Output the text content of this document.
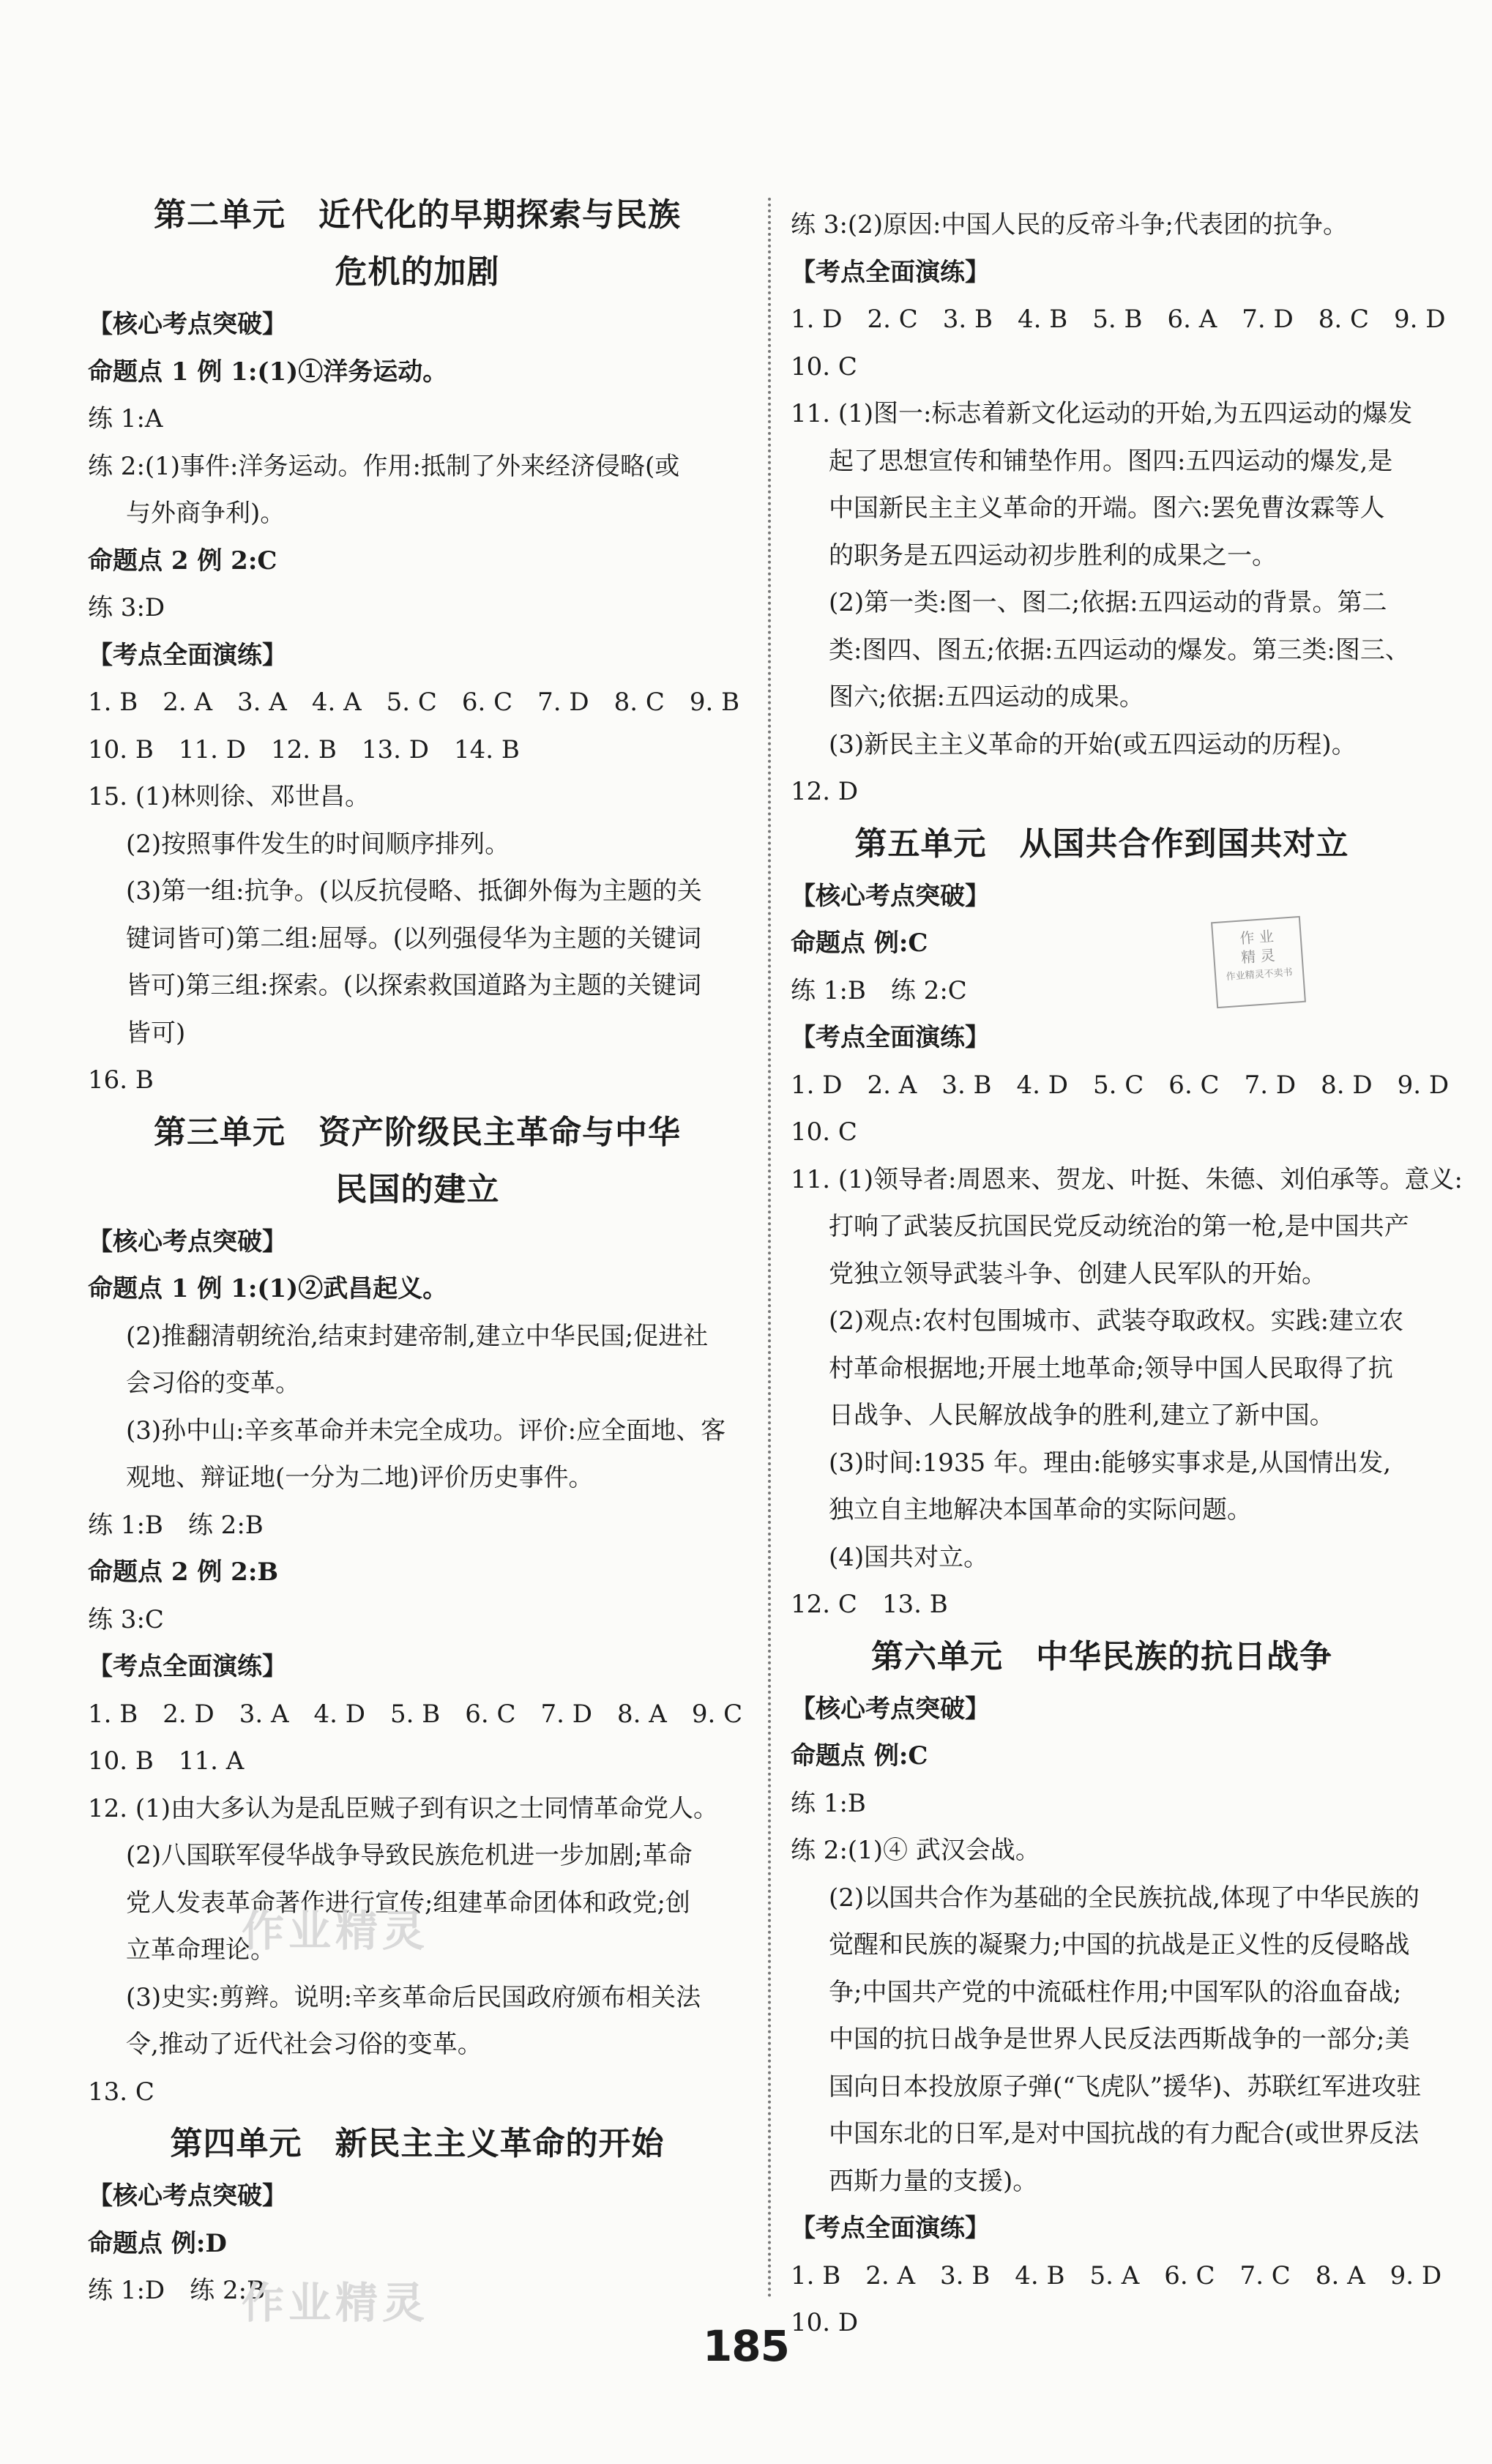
第二单元　近代化的早期探索与民族
危机的加剧
【核心考点突破】
命题点 1 例 1:(1)①洋务运动。
练 1:A
练 2:(1)事件:洋务运动。作用:抵制了外来经济侵略(或
与外商争利)。
命题点 2 例 2:C
练 3:D
【考点全面演练】
1. B　2. A　3. A　4. A　5. C　6. C　7. D　8. C　9. B
10. B　11. D　12. B　13. D　14. B
15. (1)林则徐、邓世昌。
(2)按照事件发生的时间顺序排列。
(3)第一组:抗争。(以反抗侵略、抵御外侮为主题的关
键词皆可)第二组:屈辱。(以列强侵华为主题的关键词
皆可)第三组:探索。(以探索救国道路为主题的关键词
皆可)
16. B
第三单元　资产阶级民主革命与中华
民国的建立
【核心考点突破】
命题点 1 例 1:(1)②武昌起义。
(2)推翻清朝统治,结束封建帝制,建立中华民国;促进社
会习俗的变革。
(3)孙中山:辛亥革命并未完全成功。评价:应全面地、客
观地、辩证地(一分为二地)评价历史事件。
练 1:B　练 2:B
命题点 2 例 2:B
练 3:C
【考点全面演练】
1. B　2. D　3. A　4. D　5. B　6. C　7. D　8. A　9. C
10. B　11. A
12. (1)由大多认为是乱臣贼子到有识之士同情革命党人。
(2)八国联军侵华战争导致民族危机进一步加剧;革命
党人发表革命著作进行宣传;组建革命团体和政党;创
立革命理论。
(3)史实:剪辫。说明:辛亥革命后民国政府颁布相关法
令,推动了近代社会习俗的变革。
13. C
第四单元　新民主主义革命的开始
【核心考点突破】
命题点 例:D
练 1:D　练 2:B
练 3:(2)原因:中国人民的反帝斗争;代表团的抗争。
【考点全面演练】
1. D　2. C　3. B　4. B　5. B　6. A　7. D　8. C　9. D
10. C
11. (1)图一:标志着新文化运动的开始,为五四运动的爆发
起了思想宣传和铺垫作用。图四:五四运动的爆发,是
中国新民主主义革命的开端。图六:罢免曹汝霖等人
的职务是五四运动初步胜利的成果之一。
(2)第一类:图一、图二;依据:五四运动的背景。第二
类:图四、图五;依据:五四运动的爆发。第三类:图三、
图六;依据:五四运动的成果。
(3)新民主主义革命的开始(或五四运动的历程)。
12. D
第五单元　从国共合作到国共对立
【核心考点突破】
命题点 例:C
练 1:B　练 2:C
【考点全面演练】
1. D　2. A　3. B　4. D　5. C　6. C　7. D　8. D　9. D
10. C
11. (1)领导者:周恩来、贺龙、叶挺、朱德、刘伯承等。意义:
打响了武装反抗国民党反动统治的第一枪,是中国共产
党独立领导武装斗争、创建人民军队的开始。
(2)观点:农村包围城市、武装夺取政权。实践:建立农
村革命根据地;开展土地革命;领导中国人民取得了抗
日战争、人民解放战争的胜利,建立了新中国。
(3)时间:1935 年。理由:能够实事求是,从国情出发,
独立自主地解决本国革命的实际问题。
(4)国共对立。
12. C　13. B
第六单元　中华民族的抗日战争
【核心考点突破】
命题点 例:C
练 1:B
练 2:(1)④ 武汉会战。
(2)以国共合作为基础的全民族抗战,体现了中华民族的
觉醒和民族的凝聚力;中国的抗战是正义性的反侵略战
争;中国共产党的中流砥柱作用;中国军队的浴血奋战;
中国的抗日战争是世界人民反法西斯战争的一部分;美
国向日本投放原子弹(“飞虎队”援华)、苏联红军进攻驻
中国东北的日军,是对中国抗战的有力配合(或世界反法
西斯力量的支援)。
【考点全面演练】
1. B　2. A　3. B　4. B　5. A　6. C　7. C　8. A　9. D
10. D
作 业
精 灵
作业精灵不卖书
作业精灵
作业精灵
185
